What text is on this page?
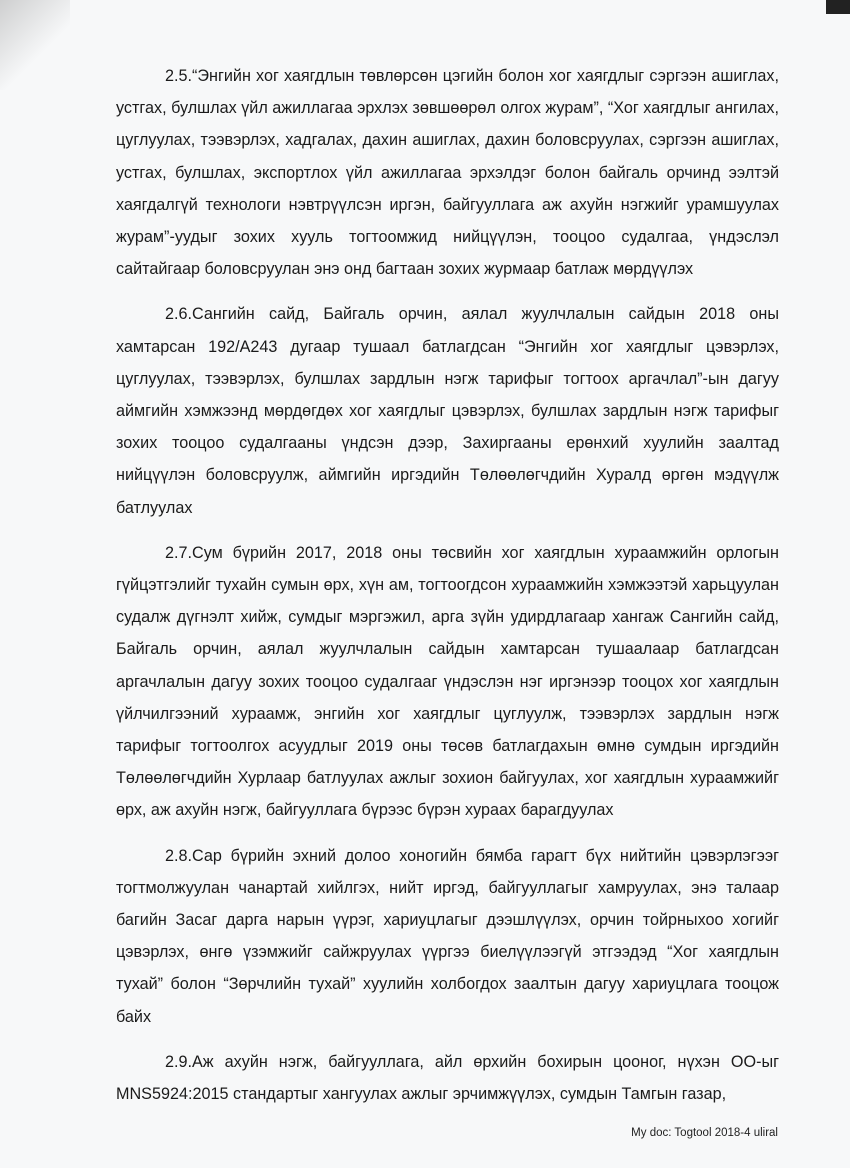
2.5.“Энгийн хог хаягдлын төвлөрсөн цэгийн болон хог хаягдлыг сэргээн ашиглах, устгах, булшлах үйл ажиллагаа эрхлэх зөвшөөрөл олгох журам”, “Хог хаягдлыг ангилах, цуглуулах, тээвэрлэх, хадгалах, дахин ашиглах, дахин боловсруулах, сэргээн ашиглах, устгах, булшлах, экспортлох үйл ажиллагаа эрхэлдэг болон байгаль орчинд ээлтэй хаягдалгүй технологи нэвтрүүлсэн иргэн, байгууллага аж ахуйн нэгжийг урамшуулах журам”-уудыг зохих хууль тогтоомжид нийцүүлэн, тооцоо судалгаа, үндэслэл сайтайгаар боловсруулан энэ онд багтаан зохих журмаар батлаж мөрдүүлэх

2.6.Сангийн сайд, Байгаль орчин, аялал жуулчлалын сайдын 2018 оны хамтарсан 192/А243 дугаар тушаал батлагдсан “Энгийн хог хаягдлыг цэвэрлэх, цуглуулах, тээвэрлэх, булшлах зардлын нэгж тарифыг тогтоох аргачлал”-ын дагуу аймгийн хэмжээнд мөрдөгдөх хог хаягдлыг цэвэрлэх, булшлах зардлын нэгж тарифыг зохих тооцоо судалгааны үндсэн дээр, Захиргааны ерөнхий хуулийн заалтад нийцүүлэн боловсруулж, аймгийн иргэдийн Төлөөлөгчдийн Хуралд өргөн мэдүүлж батлуулах

2.7.Сум бүрийн 2017, 2018 оны төсвийн хог хаягдлын хураамжийн орлогын гүйцэтгэлийг тухайн сумын өрх, хүн ам, тогтоогдсон хураамжийн хэмжээтэй харьцуулан судалж дүгнэлт хийж, сумдыг мэргэжил, арга зүйн удирдлагаар хангаж Сангийн сайд, Байгаль орчин, аялал жуулчлалын сайдын хамтарсан тушаалаар батлагдсан аргачлалын дагуу зохих тооцоо судалгааг үндэслэн нэг иргэнээр тооцох хог хаягдлын үйлчилгээний хураамж, энгийн хог хаягдлыг цуглуулж, тээвэрлэх зардлын нэгж тарифыг тогтоолгох асуудлыг 2019 оны төсөв батлагдахын өмнө сумдын иргэдийн Төлөөлөгчдийн Хурлаар батлуулах ажлыг зохион байгуулах, хог хаягдлын хураамжийг өрх, аж ахуйн нэгж, байгууллага бүрээс бүрэн хураах барагдуулах

2.8.Сар бүрийн эхний долоо хоногийн бямба гарагт бүх нийтийн цэвэрлэгээг тогтмолжуулан чанартай хийлгэх, нийт иргэд, байгууллагыг хамруулах, энэ талаар багийн Засаг дарга нарын үүрэг, хариуцлагыг дээшлүүлэх, орчин тойрныхоо хогийг цэвэрлэх, өнгө үзэмжийг сайжруулах үүргээ биелүүлээгүй этгээдэд “Хог хаягдлын тухай” болон “Зөрчлийн тухай” хуулийн холбогдох заалтын дагуу хариуцлага тооцож байх

2.9.Аж ахуйн нэгж, байгууллага, айл өрхийн бохирын цооног, нүхэн ОО-ыг MNS5924:2015 стандартыг хангуулах ажлыг эрчимжүүлэх, сумдын Тамгын газар,

My doc: Togtool 2018-4 uliral
